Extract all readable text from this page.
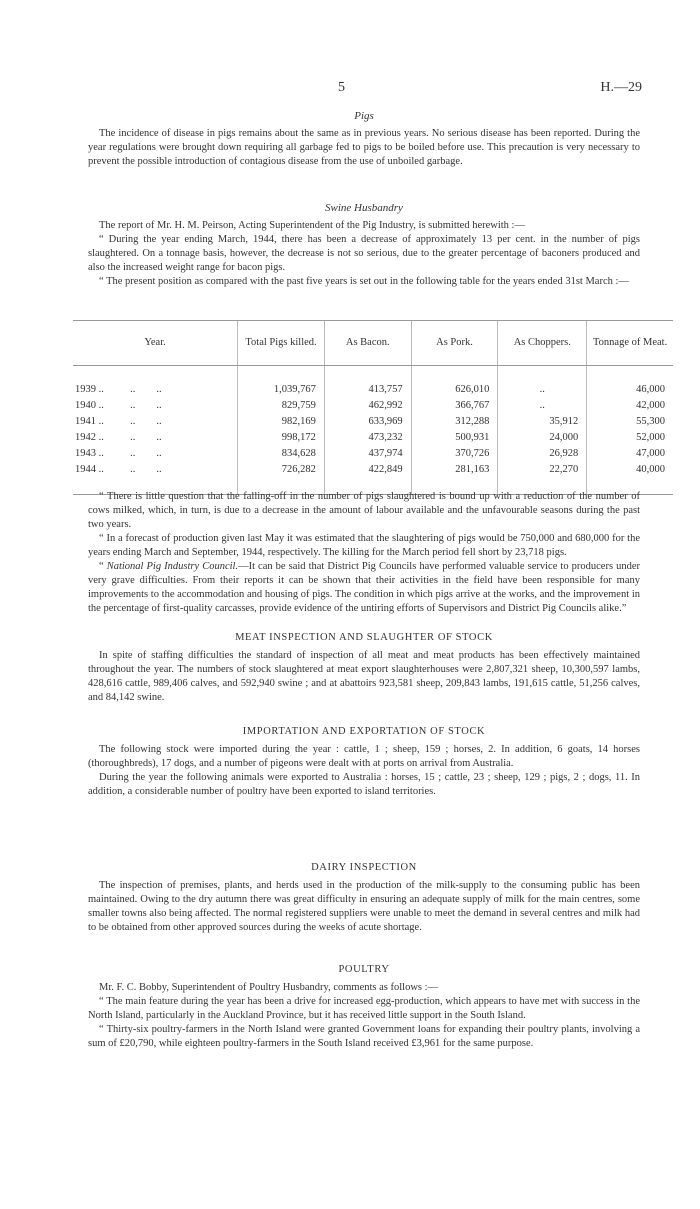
5	H.—29

Pigs

The incidence of disease in pigs remains about the same as in previous years. No serious disease has been reported. During the year regulations were brought down requiring all garbage fed to pigs to be boiled before use. This precaution is very necessary to prevent the possible introduction of contagious disease from the use of unboiled garbage.

Swine Husbandry

The report of Mr. H. M. Peirson, Acting Superintendent of the Pig Industry, is submitted herewith :—

“ During the year ending March, 1944, there has been a decrease of approximately 13 per cent. in the number of pigs slaughtered. On a tonnage basis, however, the decrease is not so serious, due to the greater percentage of baconers produced and also the increased weight range for bacon pigs.

“ The present position as compared with the past five years is set out in the following table for the years ended 31st March :—

Year.	Total Pigs killed.	As Bacon.	As Pork.	As Choppers.	Tonnage of Meat.

1939 ..          ..        ..	1,039,767	413,757	626,010	..	46,000
1940 ..          ..        ..	829,759	462,992	366,767	..	42,000
1941 ..          ..        ..	982,169	633,969	312,288	35,912	55,300
1942 ..          ..        ..	998,172	473,232	500,931	24,000	52,000
1943 ..          ..        ..	834,628	437,974	370,726	26,928	47,000
1944 ..          ..        ..	726,282	422,849	281,163	22,270	40,000

“ There is little question that the falling-off in the number of pigs slaughtered is bound up with a reduction of the number of cows milked, which, in turn, is due to a decrease in the amount of labour available and the unfavourable seasons during the past two years.

“ In a forecast of production given last May it was estimated that the slaughtering of pigs would be 750,000 and 680,000 for the years ending March and September, 1944, respectively. The killing for the March period fell short by 23,718 pigs.

“ National Pig Industry Council.—It can be said that District Pig Councils have performed valuable service to producers under very grave difficulties. From their reports it can be shown that their activities in the field have been responsible for many improvements to the accommodation and housing of pigs. The condition in which pigs arrive at the works, and the improvement in the percentage of first-quality carcasses, provide evidence of the untiring efforts of Supervisors and District Pig Councils alike.”

MEAT INSPECTION AND SLAUGHTER OF STOCK

In spite of staffing difficulties the standard of inspection of all meat and meat products has been effectively maintained throughout the year. The numbers of stock slaughtered at meat export slaughterhouses were 2,807,321 sheep, 10,300,597 lambs, 428,616 cattle, 989,406 calves, and 592,940 swine ; and at abattoirs 923,581 sheep, 209,843 lambs, 191,615 cattle, 51,256 calves, and 84,142 swine.

IMPORTATION AND EXPORTATION OF STOCK

The following stock were imported during the year : cattle, 1 ; sheep, 159 ; horses, 2. In addition, 6 goats, 14 horses (thoroughbreds), 17 dogs, and a number of pigeons were dealt with at ports on arrival from Australia.

During the year the following animals were exported to Australia : horses, 15 ; cattle, 23 ; sheep, 129 ; pigs, 2 ; dogs, 11. In addition, a considerable number of poultry have been exported to island territories.

DAIRY INSPECTION

The inspection of premises, plants, and herds used in the production of the milk-supply to the consuming public has been maintained. Owing to the dry autumn there was great difficulty in ensuring an adequate supply of milk for the main centres, some smaller towns also being affected. The normal registered suppliers were unable to meet the demand in several centres and milk had to be obtained from other approved sources during the weeks of acute shortage.

POULTRY

Mr. F. C. Bobby, Superintendent of Poultry Husbandry, comments as follows :—

“ The main feature during the year has been a drive for increased egg-production, which appears to have met with success in the North Island, particularly in the Auckland Province, but it has received little support in the South Island.

“ Thirty-six poultry-farmers in the North Island were granted Government loans for expanding their poultry plants, involving a sum of £20,790, while eighteen poultry-farmers in the South Island received £3,961 for the same purpose.
